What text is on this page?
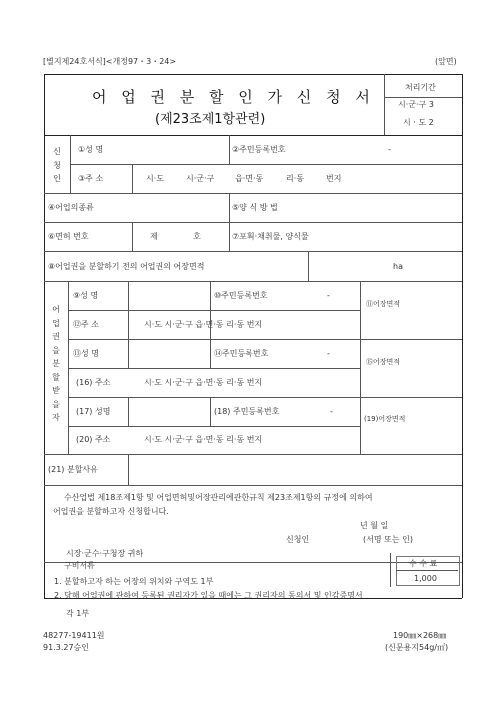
[별지제24호서식]<개정97・3・24>	(앞면)
어 업 권 분 할 인 가 신 청 서
(제23조제1항관련)
처리기간
시·군·구 3
시 · 도 2
신
청
인
①성 명	②주민등록번호	-
③주 소	시·도	시·군·구	읍·면·동	리·동	번지
④어업의종류	⑤양 식 방 법
⑥면허 번호	제	호	⑦포획·채취물, 양식물
⑧어업권을 분할하기 전의 어업권의 어장면적	ha
어
업
권
을
분
할
받
을
자
⑨성 명	⑩주민등록번호	-
⑫주 소	시·도 시·군·구 읍·면·동 리·동 번지
⑪어장면적
⑬성 명	⑭주민등록번호	-
(16) 주소	시·도 시·군·구 읍·면·동 리·동 번지
⑮어장면적
(17) 성명	(18) 주민등록번호	-
(20) 주소	시·도 시·군·구 읍·면·동 리·동 번지
(19)어장면적
(21) 분할사유
수산업법 제18조제1항 및 어업면허및어장관리에관한규칙 제23조제1항의 규정에 의하여
어업권을 분할하고자 신청합니다.
년 월 일
신청인	(서명 또는 인)
시장·군수·구청장 귀하
구비서류
1. 분할하고자 하는 어장의 위치와 구역도 1부
2. 당해 어업권에 관하여 등록된 권리자가 있을 때에는 그 권리자의 동의서 및 인감증명서
각 1부
수 수 료
1,000
48277-19411원
91.3.27승인
190㎜×268㎜
(신문용지54g/㎡)
